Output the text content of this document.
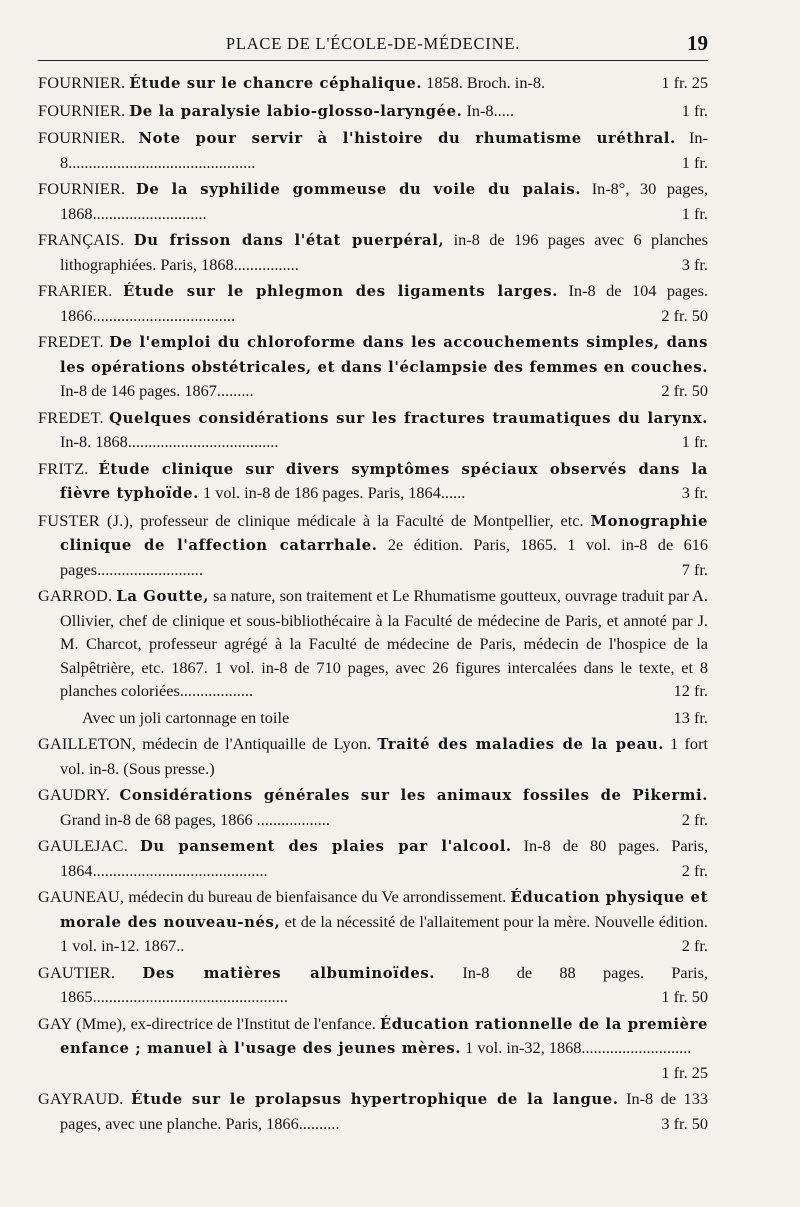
PLACE DE L'ÉCOLE-DE-MÉDECINE.	19
FOURNIER. Étude sur le chancre céphalique. 1858. Broch. in-8.	1 fr. 25
FOURNIER. De la paralysie labio-glosso-laryngée. In-8.....	1 fr.
FOURNIER. Note pour servir à l'histoire du rhumatisme uréthral. In-8..............................................	1 fr.
FOURNIER. De la syphilide gommeuse du voile du palais. In-8°, 30 pages, 1868............................	1 fr.
FRANÇAIS. Du frisson dans l'état puerpéral, in-8 de 196 pages avec 6 planches lithographiées. Paris, 1868................	3 fr.
FRARIER. Étude sur le phlegmon des ligaments larges. In-8 de 104 pages. 1866...................................	2 fr. 50
FREDET. De l'emploi du chloroforme dans les accouchements simples, dans les opérations obstétricales, et dans l'éclampsie des femmes en couches. In-8 de 146 pages. 1867.........	2 fr. 50
FREDET. Quelques considérations sur les fractures traumatiques du larynx. In-8. 1868.....................................	1 fr.
FRITZ. Étude clinique sur divers symptômes spéciaux observés dans la fièvre typhoïde. 1 vol. in-8 de 186 pages. Paris, 1864......	3 fr.
FUSTER (J.), professeur de clinique médicale à la Faculté de Montpellier, etc. Monographie clinique de l'affection catarrhale. 2e édition. Paris, 1865. 1 vol. in-8 de 616 pages..........................	7 fr.
GARROD. La Goutte, sa nature, son traitement et Le Rhumatisme goutteux, ouvrage traduit par A. Ollivier, chef de clinique et sous-bibliothécaire à la Faculté de médecine de Paris, et annoté par J. M. Charcot, professeur agrégé à la Faculté de médecine de Paris, médecin de l'hospice de la Salpêtrière, etc. 1867. 1 vol. in-8 de 710 pages, avec 26 figures intercalées dans le texte, et 8 planches coloriées..................	12 fr.
Avec un joli cartonnage en toile	13 fr.
GAILLETON, médecin de l'Antiquaille de Lyon. Traité des maladies de la peau. 1 fort vol. in-8. (Sous presse.)
GAUDRY. Considérations générales sur les animaux fossiles de Pikermi. Grand in-8 de 68 pages, 1866 ..................	2 fr.
GAULEJAC. Du pansement des plaies par l'alcool. In-8 de 80 pages. Paris, 1864...........................................	2 fr.
GAUNEAU, médecin du bureau de bienfaisance du Ve arrondissement. Éducation physique et morale des nouveau-nés, et de la nécessité de l'allaitement pour la mère. Nouvelle édition. 1 vol. in-12. 1867..	2 fr.
GAUTIER. Des matières albuminoïdes. In-8 de 88 pages. Paris, 1865................................................	1 fr. 50
GAY (Mme), ex-directrice de l'Institut de l'enfance. Éducation rationnelle de la première enfance ; manuel à l'usage des jeunes mères. 1 vol. in-32, 1868...........................
1 fr. 25
GAYRAUD. Étude sur le prolapsus hypertrophique de la langue. In-8 de 133 pages, avec une planche. Paris, 1866..........	3 fr. 50
